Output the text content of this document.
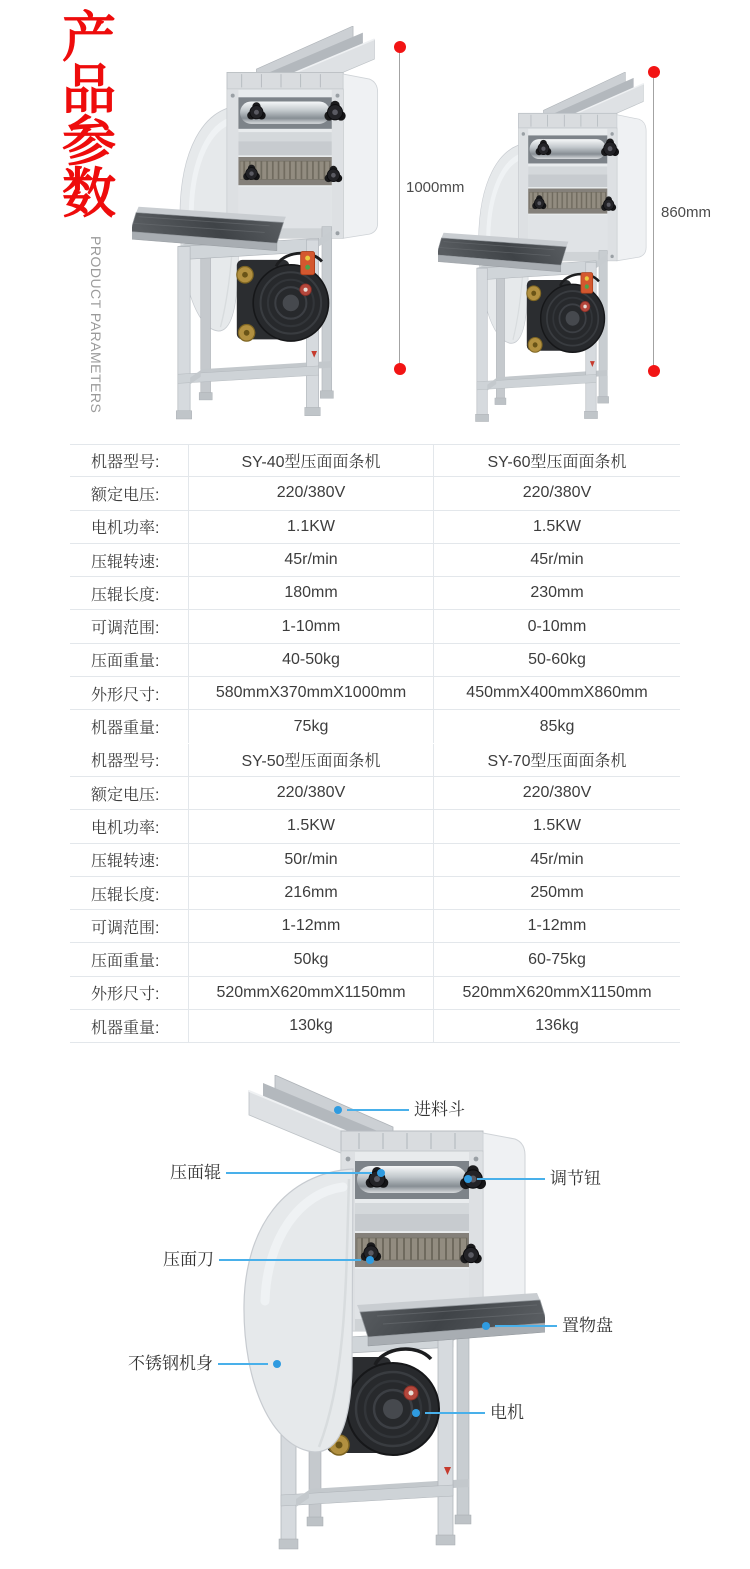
产品参数
PRODUCT PARAMETERS
1000mm
860mm
机器型号:	SY-40型压面面条机	SY-60型压面面条机
额定电压:	220/380V	220/380V
电机功率:	1.1KW	1.5KW
压辊转速:	45r/min	45r/min
压辊长度:	180mm	230mm
可调范围:	1-10mm	0-10mm
压面重量:	40-50kg	50-60kg
外形尺寸:	580mmX370mmX1000mm	450mmX400mmX860mm
机器重量:	75kg	85kg
机器型号:	SY-50型压面面条机	SY-70型压面面条机
额定电压:	220/380V	220/380V
电机功率:	1.5KW	1.5KW
压辊转速:	50r/min	45r/min
压辊长度:	216mm	250mm
可调范围:	1-12mm	1-12mm
压面重量:	50kg	60-75kg
外形尺寸:	520mmX620mmX1150mm	520mmX620mmX1150mm
机器重量:	130kg	136kg
进料斗
压面辊	调节钮
压面刀
置物盘
不锈钢机身
电机
